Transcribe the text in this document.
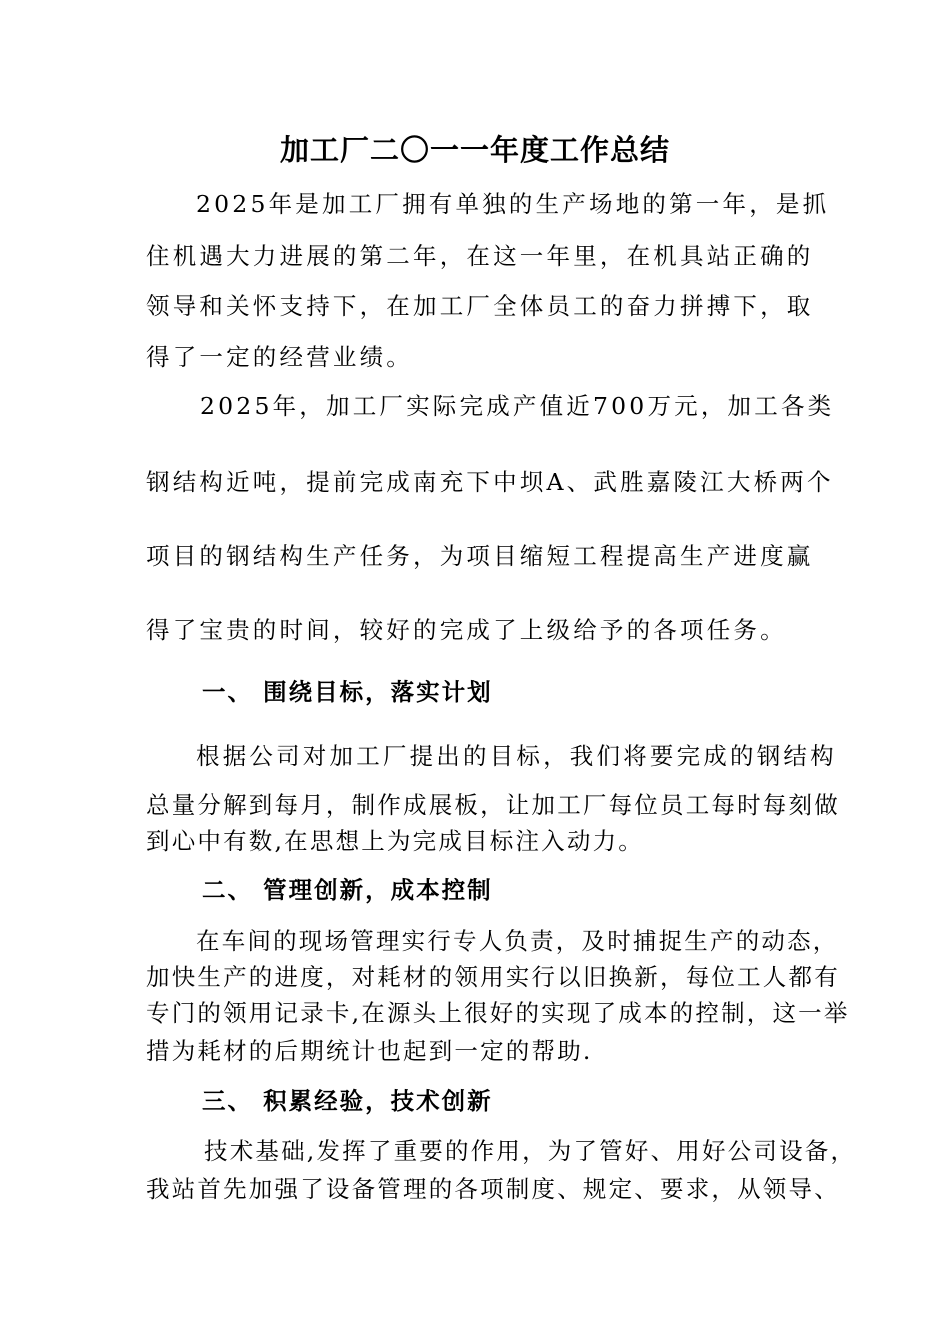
加工厂二〇一一年度工作总结
2025年是加工厂拥有单独的生产场地的第一年，是抓
住机遇大力进展的第二年，在这一年里，在机具站正确的
领导和关怀支持下，在加工厂全体员工的奋力拼搏下，取
得了一定的经营业绩。
2025年，加工厂实际完成产值近700万元，加工各类
钢结构近吨，提前完成南充下中坝A、武胜嘉陵江大桥两个
项目的钢结构生产任务，为项目缩短工程提高生产进度赢
得了宝贵的时间，较好的完成了上级给予的各项任务。
一、 围绕目标，落实计划
根据公司对加工厂提出的目标，我们将要完成的钢结构
总量分解到每月，制作成展板，让加工厂每位员工每时每刻做
到心中有数,在思想上为完成目标注入动力。
二、 管理创新，成本控制
在车间的现场管理实行专人负责，及时捕捉生产的动态，
加快生产的进度，对耗材的领用实行以旧换新，每位工人都有
专门的领用记录卡,在源头上很好的实现了成本的控制，这一举
措为耗材的后期统计也起到一定的帮助.
三、 积累经验，技术创新
技术基础,发挥了重要的作用，为了管好、用好公司设备，
我站首先加强了设备管理的各项制度、规定、要求，从领导、
